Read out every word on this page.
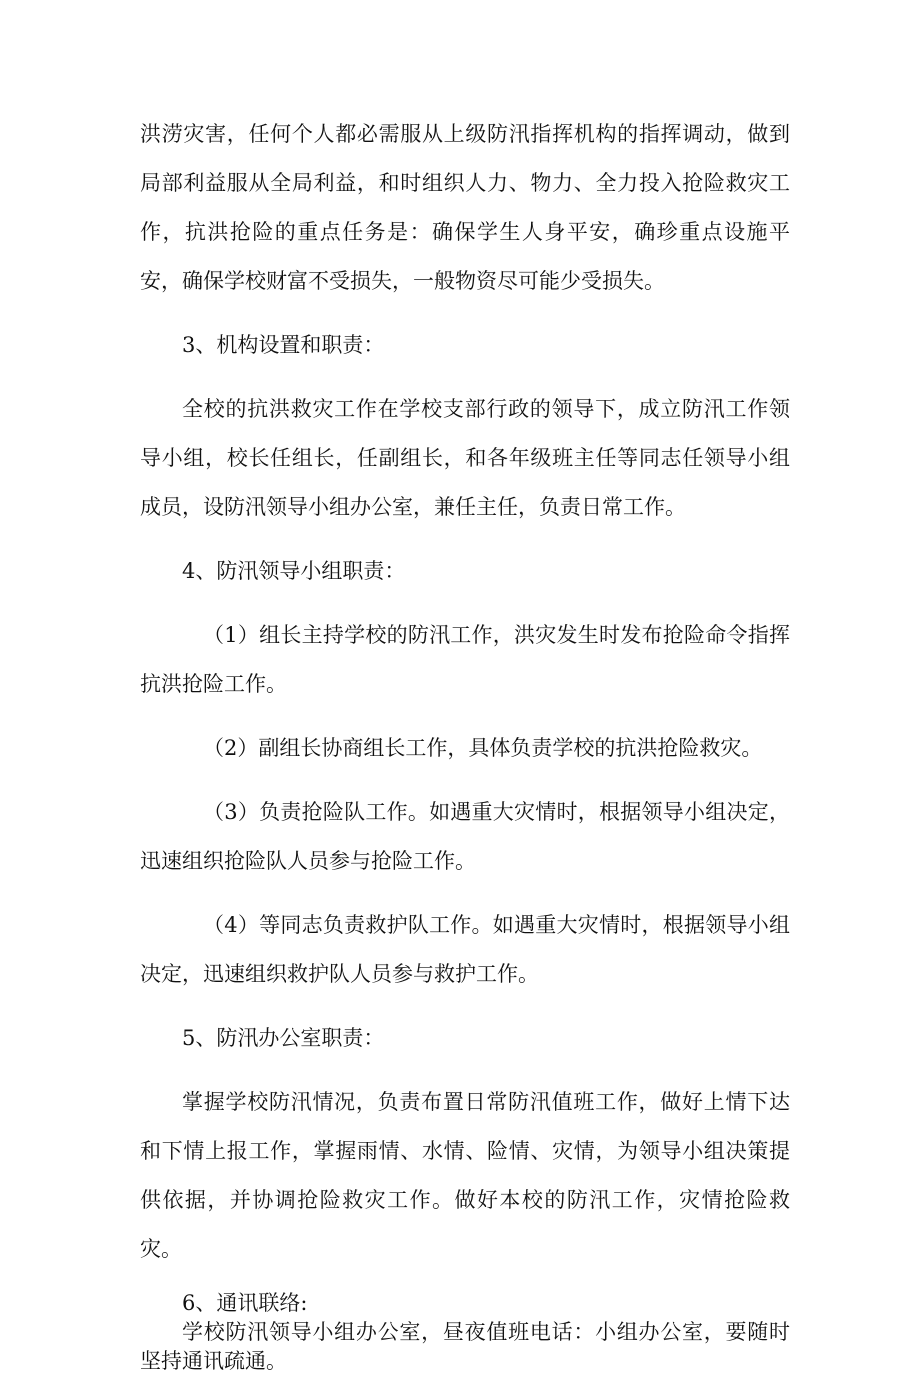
洪涝灾害，任何个人都必需服从上级防汛指挥机构的指挥调动，做到局部利益服从全局利益，和时组织人力、物力、全力投入抢险救灾工作，抗洪抢险的重点任务是：确保学生人身平安，确珍重点设施平安，确保学校财富不受损失，一般物资尽可能少受损失。

3、机构设置和职责：

全校的抗洪救灾工作在学校支部行政的领导下，成立防汛工作领导小组，校长任组长，任副组长，和各年级班主任等同志任领导小组成员，设防汛领导小组办公室，兼任主任，负责日常工作。

4、防汛领导小组职责：

（1）组长主持学校的防汛工作，洪灾发生时发布抢险命令指挥抗洪抢险工作。

（2）副组长协商组长工作，具体负责学校的抗洪抢险救灾。

（3）负责抢险队工作。如遇重大灾情时，根据领导小组决定，迅速组织抢险队人员参与抢险工作。

（4）等同志负责救护队工作。如遇重大灾情时，根据领导小组决定，迅速组织救护队人员参与救护工作。

5、防汛办公室职责：

掌握学校防汛情况，负责布置日常防汛值班工作，做好上情下达和下情上报工作，掌握雨情、水情、险情、灾情，为领导小组决策提供依据，并协调抢险救灾工作。做好本校的防汛工作，灾情抢险救灾。

6、通讯联络:

学校防汛领导小组办公室，昼夜值班电话：小组办公室，要随时坚持通讯疏通。
